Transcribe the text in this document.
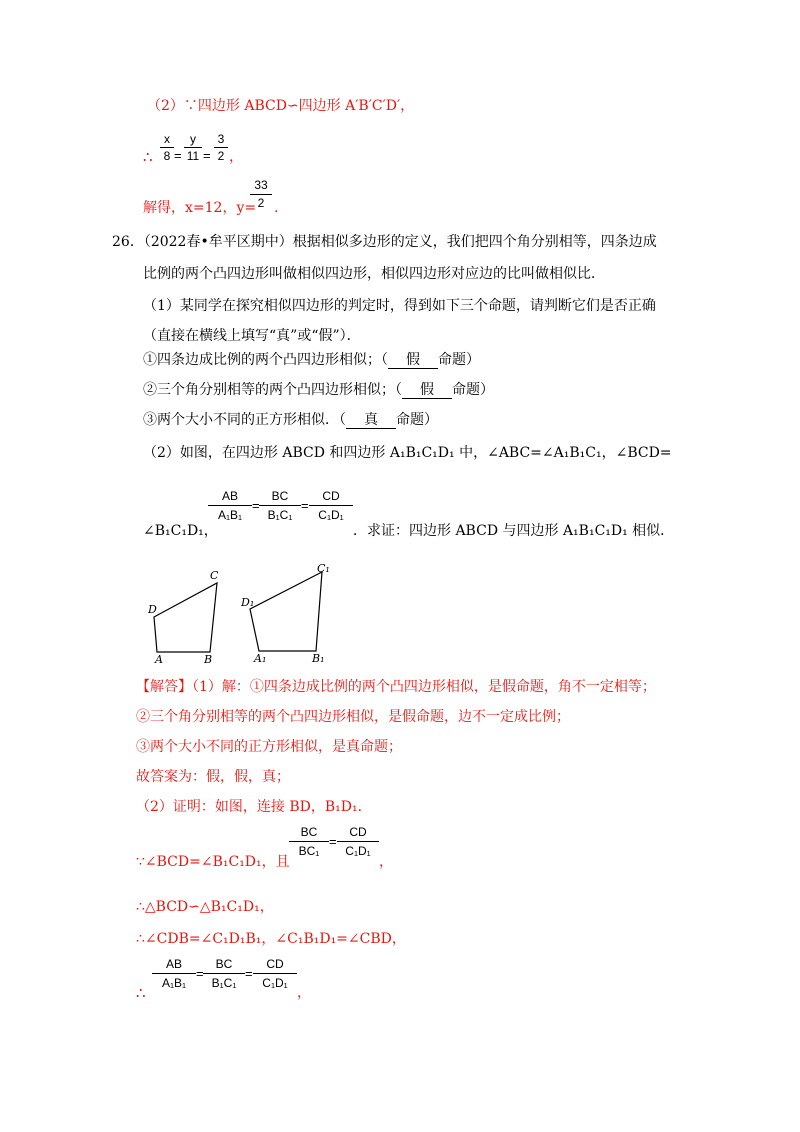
（2）∵四边形 ABCD∽四边形 A′B′C′D′，
∴
x
8 =
y
11 =
3
2 ，
解得，x=12，y=
33
2 .
26．（2022春•牟平区期中）根据相似多边形的定义，我们把四个角分别相等，四条边成
比例的两个凸四边形叫做相似四边形，相似四边形对应边的比叫做相似比．
（1）某同学在探究相似四边形的判定时，得到如下三个命题，请判断它们是否正确
（直接在横线上填写“真”或“假”）．
①四条边成比例的两个凸四边形相似；（ 假 命题）
②三个角分别相等的两个凸四边形相似；（ 假 命题）
③两个大小不同的正方形相似．（ 真 命题）
（2）如图，在四边形 ABCD 和四边形 A₁B₁C₁D₁ 中，∠ABC=∠A₁B₁C₁，∠BCD=
∠B₁C₁D₁，
AB
A₁B₁
=
BC
B₁C₁
=
CD
C₁D₁
．求证：四边形 ABCD 与四边形 A₁B₁C₁D₁ 相似．
D
C
A	B
D₁
C₁
A₁	B₁
【解答】（1）解：①四条边成比例的两个凸四边形相似，是假命题，角不一定相等；
②三个角分别相等的两个凸四边形相似，是假命题，边不一定成比例；
③两个大小不同的正方形相似，是真命题；
故答案为：假，假，真；
（2）证明：如图，连接 BD，B₁D₁．
∵∠BCD=∠B₁C₁D₁，且
BC
BC₁
=
CD
C₁D₁
，
∴△BCD∽△B₁C₁D₁，
∴∠CDB=∠C₁D₁B₁，∠C₁B₁D₁=∠CBD，
∴
AB
A₁B₁
=
BC
B₁C₁
=
CD
C₁D₁
，
